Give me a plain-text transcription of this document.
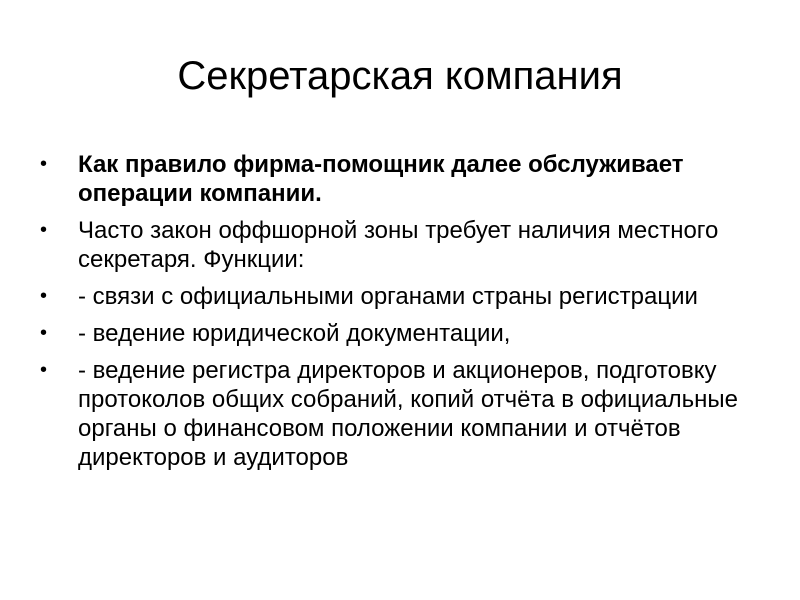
Секретарская компания
•	Как правило фирма-помощник далее обслуживает операции компании.
•	Часто закон оффшорной зоны требует наличия местного секретаря. Функции:
•	- связи с официальными органами страны регистрации
•	- ведение юридической документации,
•	- ведение регистра директоров и акционеров, подготовку протоколов общих собраний, копий отчёта в официальные органы о финансовом положении компании и отчётов директоров и аудиторов
